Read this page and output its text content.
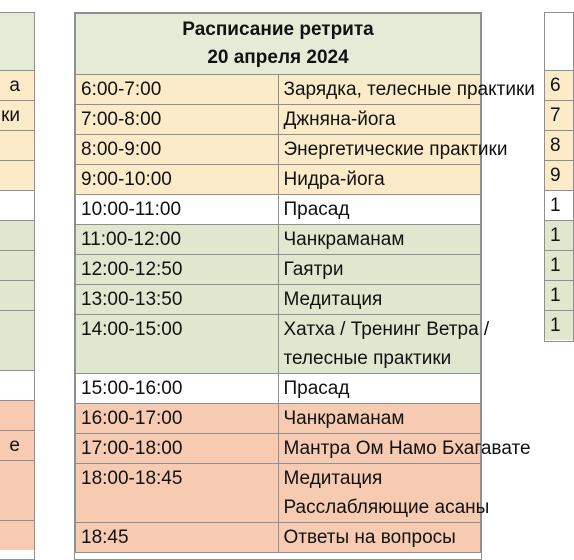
а
ки
е
Расписание ретрита
20 апреля 2024	

6:00-7:00	Зарядка, телесные практики

7:00-8:00	Джняна-йога

8:00-9:00	Энергетические практики

9:00-10:00	Нидра-йога

10:00-11:00	Прасад

11:00-12:00	Чанкраманам

12:00-12:50	Гаятри

13:00-13:50	Медитация

14:00-15:00	Хатха / Тренинг Ветра /
телесные практики

15:00-16:00	Прасад

16:00-17:00	Чанкраманам

17:00-18:00	Мантра Ом Намо Бхагавате

18:00-18:45	Медитация
Расслабляющие асаны

18:45	Ответы на вопросы
6
7
8
9
1
1
1
1
1
